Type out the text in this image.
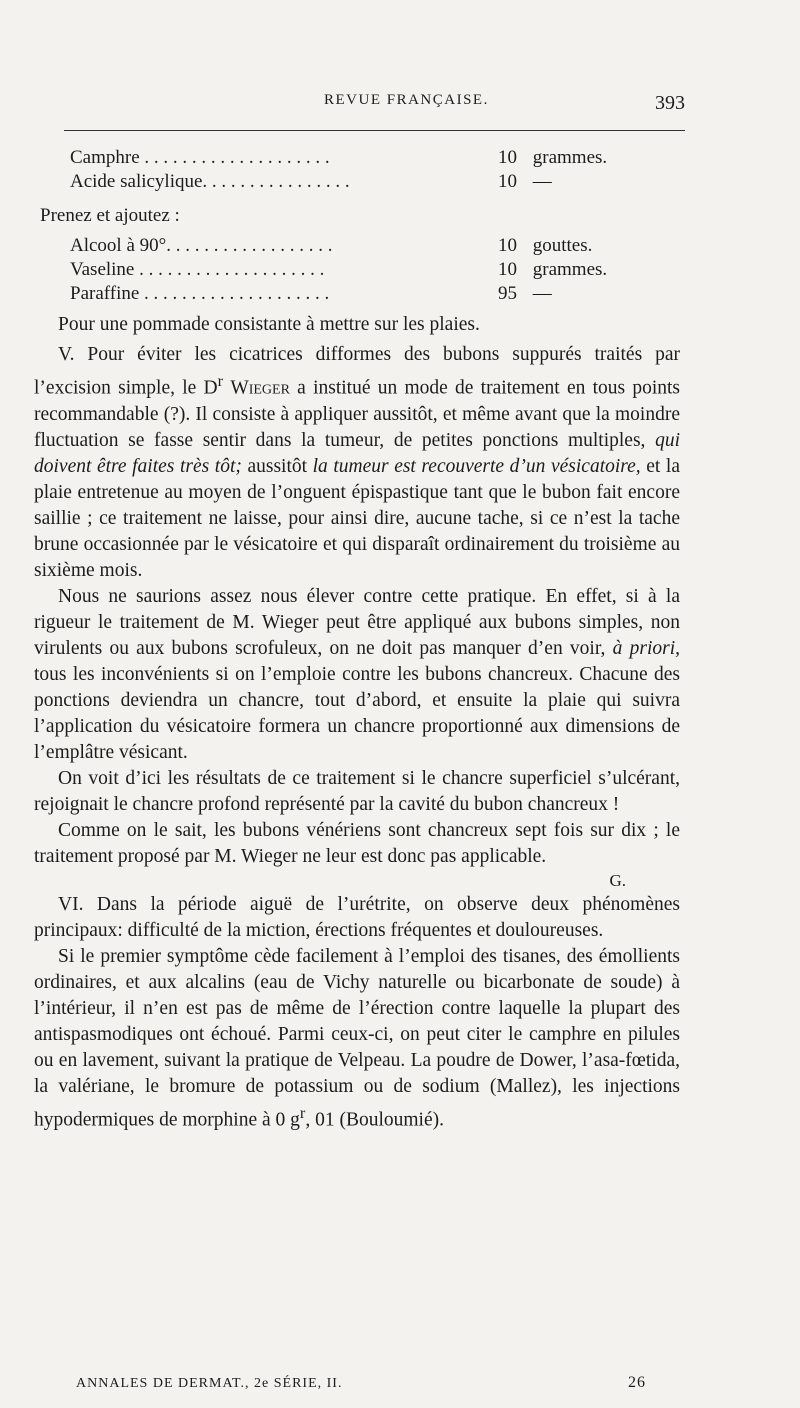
REVUE FRANÇAISE.	393
Camphre . . . . . . . . . . . . . . . . . . . .	10 grammes.
Acide salicylique. . . . . . . . . . . . . . . .	10 —
Prenez et ajoutez :
Alcool à 90°. . . . . . . . . . . . . . . . . .	10 gouttes.
Vaseline . . . . . . . . . . . . . . . . . . . .	10 grammes.
Paraffine . . . . . . . . . . . . . . . . . . . .	95 —

Pour une pommade consistante à mettre sur les plaies.

V. Pour éviter les cicatrices difformes des bubons suppurés traités par l’excision simple, le $D^r$ Wieger a institué un mode de traitement en tous points recommandable (?). Il consiste à appliquer aussitôt, et même avant que la moindre fluctuation se fasse sentir dans la tumeur, de petites ponctions multiples, qui doivent être faites très tôt; aussitôt la tumeur est recouverte d’un vésicatoire, et la plaie entretenue au moyen de l’onguent épispastique tant que le bubon fait encore saillie ; ce traitement ne laisse, pour ainsi dire, aucune tache, si ce n’est la tache brune occasionnée par le vésicatoire et qui disparaît ordinairement du troisième au sixième mois.

Nous ne saurions assez nous élever contre cette pratique. En effet, si à la rigueur le traitement de M. Wieger peut être appliqué aux bubons simples, non virulents ou aux bubons scrofuleux, on ne doit pas manquer d’en voir, à priori, tous les inconvénients si on l’emploie contre les bubons chancreux. Chacune des ponctions deviendra un chancre, tout d’abord, et ensuite la plaie qui suivra l’application du vésicatoire formera un chancre proportionné aux dimensions de l’emplâtre vésicant.

On voit d’ici les résultats de ce traitement si le chancre superficiel s’ulcérant, rejoignait le chancre profond représenté par la cavité du bubon chancreux !

Comme on le sait, les bubons vénériens sont chancreux sept fois sur dix ; le traitement proposé par M. Wieger ne leur est donc pas applicable.

G.

VI. Dans la période aiguë de l’urétrite, on observe deux phénomènes principaux: difficulté de la miction, érections fréquentes et douloureuses.

Si le premier symptôme cède facilement à l’emploi des tisanes, des émollients ordinaires, et aux alcalins (eau de Vichy naturelle ou bicarbonate de soude) à l’intérieur, il n’en est pas de même de l’érection contre laquelle la plupart des antispasmodiques ont échoué. Parmi ceux-ci, on peut citer le camphre en pilules ou en lavement, suivant la pratique de Velpeau. La poudre de Dower, l’asa-fœtida, la valériane, le bromure de potassium ou de sodium (Mallez), les injections hypodermiques de morphine à 0 $g^r$, 01 (Bouloumié).

ANNALES DE DERMAT., 2e SÉRIE, II.	26
